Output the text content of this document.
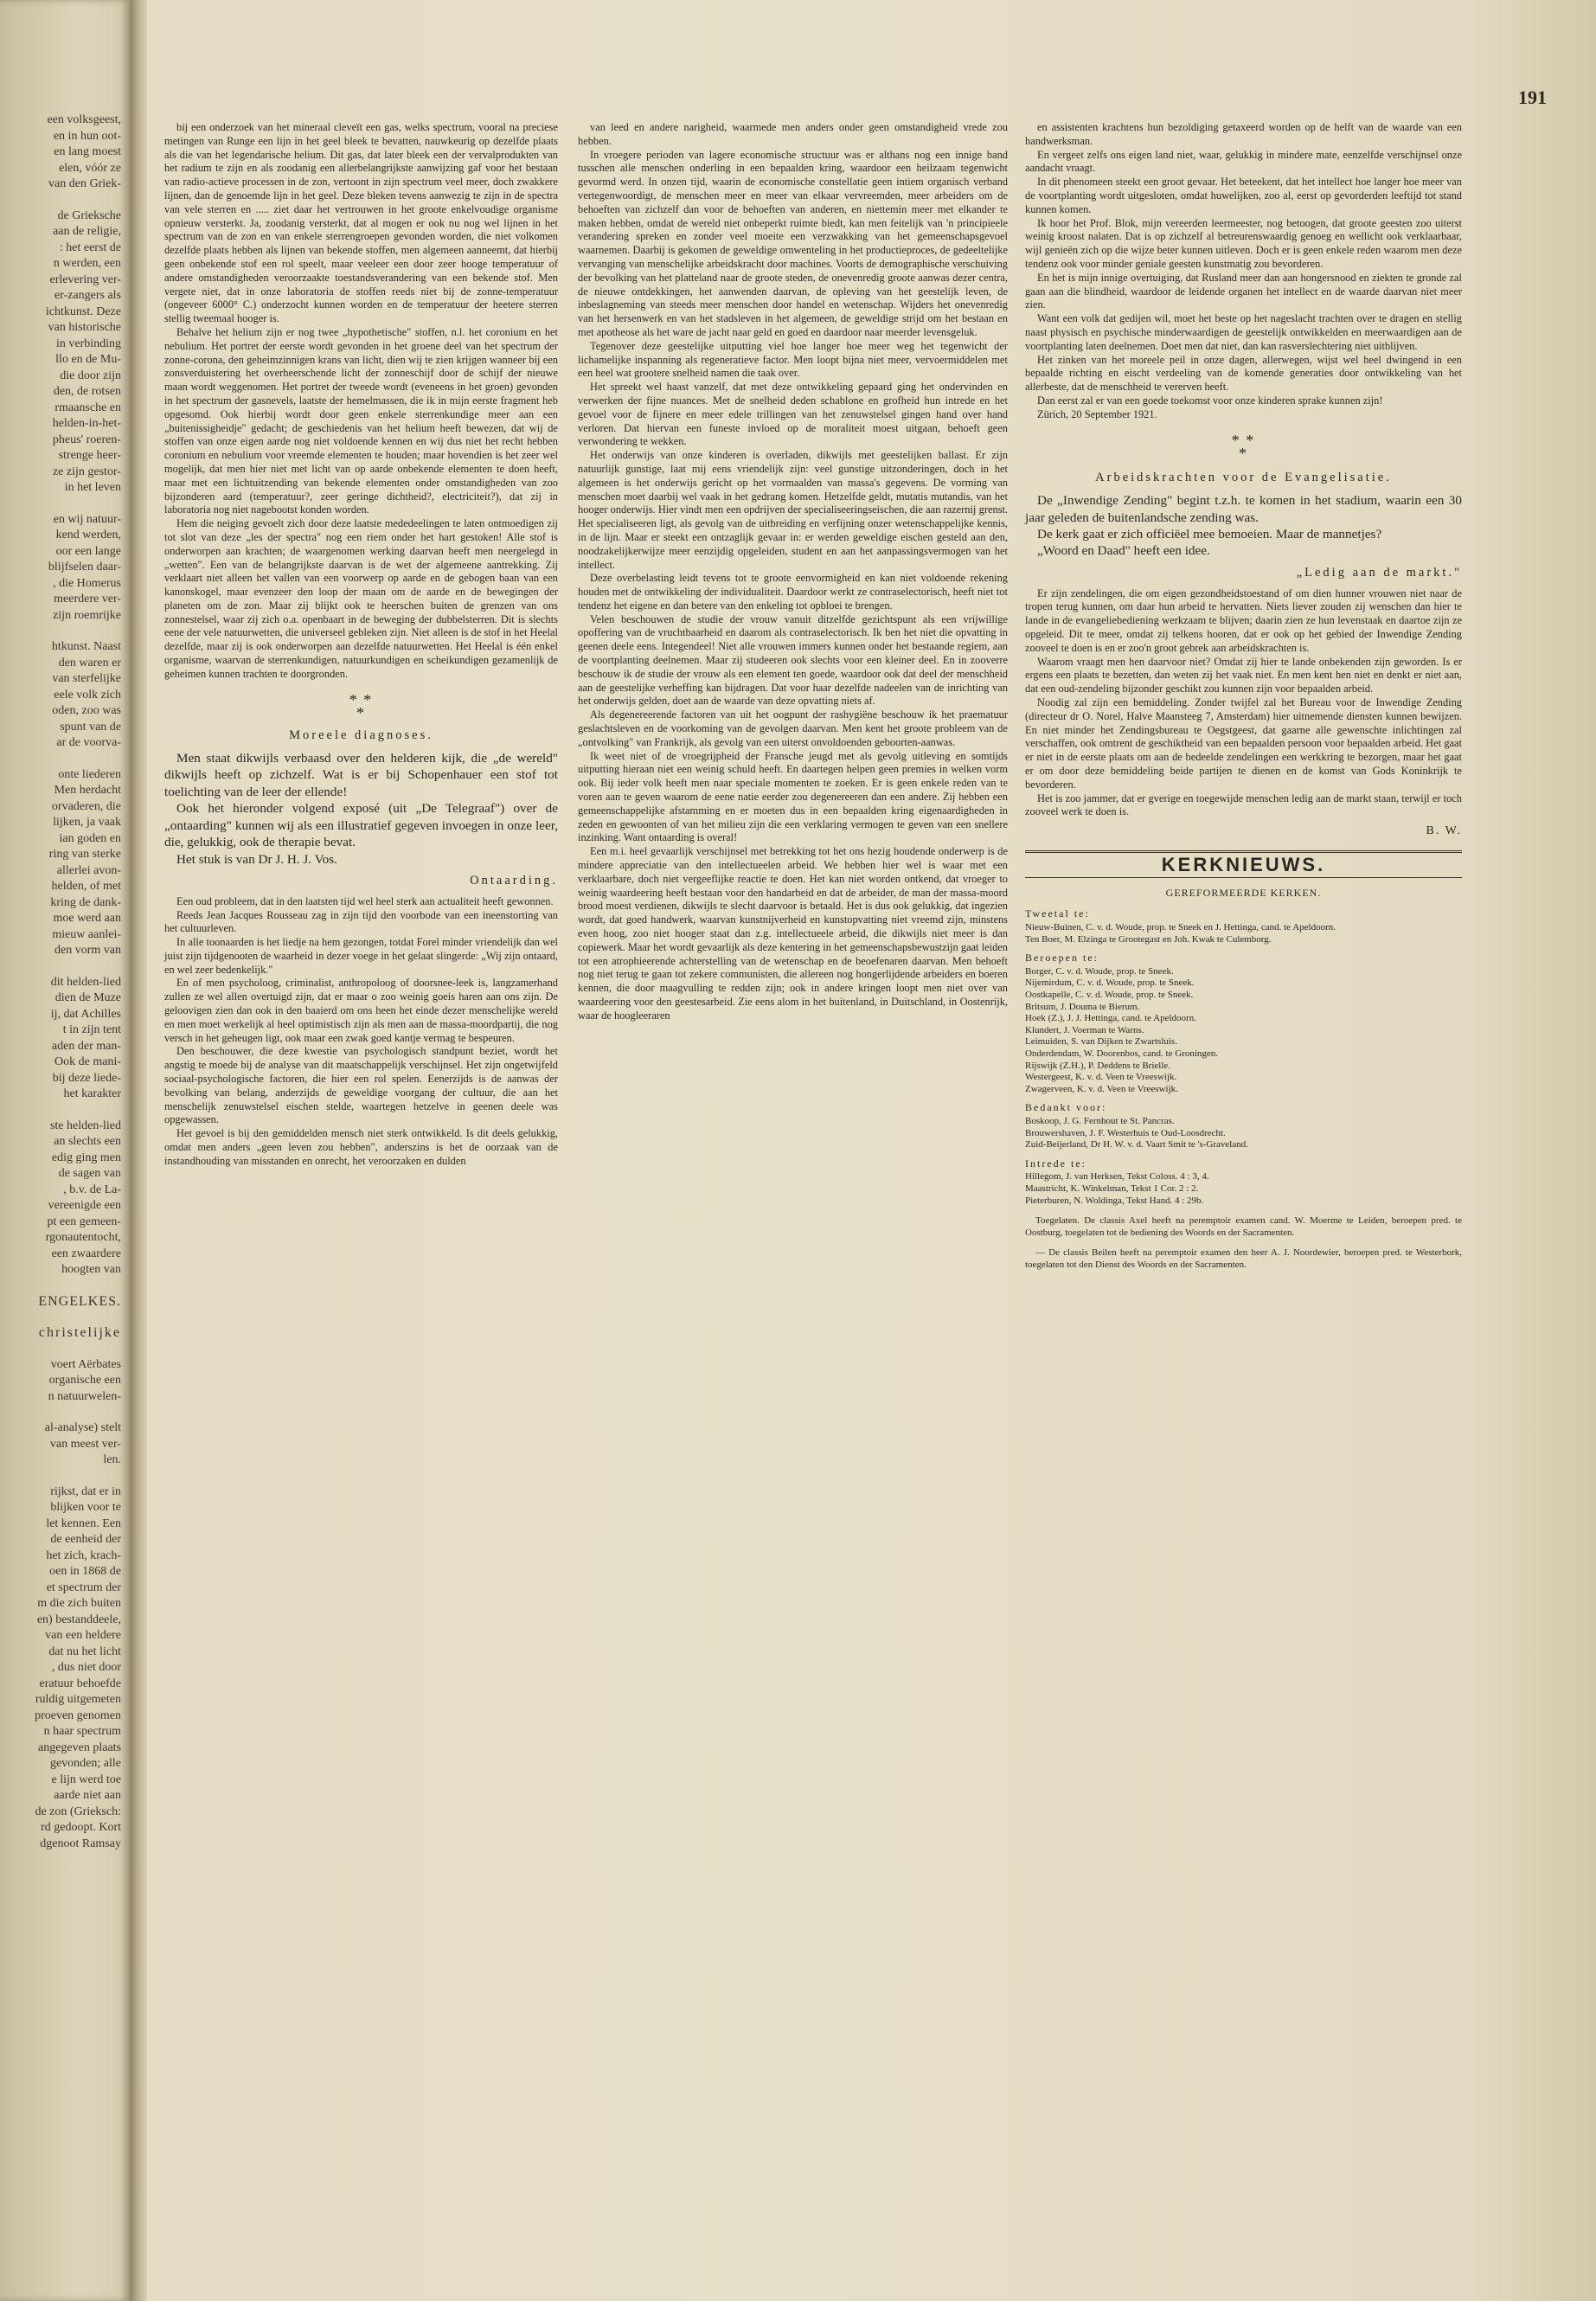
een volksgeest,
en in hun oot-
en lang moest
elen, vóór ze
van den Griek-
de Grieksche
aan de religie,
: het eerst de
n werden, een
erlevering ver-
er-zangers als
ichtkunst. Deze
van historische
in verbinding
llo en de Mu-
die door zijn
den, de rotsen
rmaansche en
helden-in-het-
pheus' roeren-
strenge heer-
ze zijn gestor-
in het leven
en wij natuur-
kend werden,
oor een lange
blijfselen daar-
, die Homerus
meerdere ver-
zijn roemrijke
htkunst. Naast
den waren er
van sterfelijke
eele volk zich
oden, zoo was
spunt van de
ar de voorva-
onte liederen
Men herdacht
orvaderen, die
lijken, ja vaak
ian goden en
ring van sterke
allerlei avon-
helden, of met
kring de dank-
moe werd aan
mieuw aanlei-
den vorm van
dit helden-lied
dien de Muze
ij, dat Achilles
t in zijn tent
aden der man-
Ook de mani-
bij deze liede-
het karakter
ste helden-lied
an slechts een
edig ging men
de sagen van
, b.v. de La-
vereenigde een
pt een gemeen-
rgonautentocht,
een zwaardere
hoogten van
ENGELKES.
christelijke
voert Aërbates
organische een
n natuurwelen-
al-analyse) stelt
van meest ver-
len.
rijkst, dat er in
blijken voor te
let kennen. Een
de eenheid der
het zich, krach-
oen in 1868 de
et spectrum der
m die zich buiten
en) bestanddeele,
van een heldere
dat nu het licht
, dus niet door
eratuur behoefde
ruldig uitgemeten
proeven genomen
n haar spectrum
angegeven plaats
gevonden; alle
e lijn werd toe
aarde niet aan
de zon (Grieksch:
rd gedoopt. Kort
dgenoot Ramsay
191

bij een onderzoek van het mineraal cleveït een gas, welks spectrum, vooral na preciese metingen van Runge een lijn in het geel bleek te bevatten, nauwkeurig op dezelfde plaats als die van het legendarische helium. Dit gas, dat later bleek een der vervalprodukten van het radium te zijn en als zoodanig een allerbelangrijkste aanwijzing gaf voor het bestaan van radio-actieve processen in de zon, vertoont in zijn spectrum veel meer, doch zwakkere lijnen, dan de genoemde lijn in het geel. Deze bleken tevens aanwezig te zijn in de spectra van vele sterren en ..... ziet daar het vertrouwen in het groote enkelvoudige organisme opnieuw versterkt. Ja, zoodanig versterkt, dat al mogen er ook nu nog wel lijnen in het spectrum van de zon en van enkele sterrengroepen gevonden worden, die niet volkomen dezelfde plaats hebben als lijnen van bekende stoffen, men algemeen aanneemt, dat hierbij geen onbekende stof een rol speelt, maar veeleer een door zeer hooge temperatuur of andere omstandigheden veroorzaakte toestandsverandering van een bekende stof. Men vergete niet, dat in onze laboratoria de stoffen reeds niet bij de zonne-temperatuur (ongeveer 6000° C.) onderzocht kunnen worden en de temperatuur der heetere sterren stellig tweemaal hooger is.

Behalve het helium zijn er nog twee „hypothetische" stoffen, n.l. het coronium en het nebulium. Het portret der eerste wordt gevonden in het groene deel van het spectrum der zonne-corona, den geheimzinnigen krans van licht, dien wij te zien krijgen wanneer bij een zonsverduistering het overheerschende licht der zonneschijf door de schijf der nieuwe maan wordt weggenomen. Het portret der tweede wordt (eveneens in het groen) gevonden in het spectrum der gasnevels, laatste der hemelmassen, die ik in mijn eerste fragment heb opgesomd. Ook hierbij wordt door geen enkele sterrenkundige meer aan een „buitenissigheidje" gedacht; de geschiedenis van het helium heeft bewezen, dat wij de stoffen van onze eigen aarde nog niet voldoende kennen en wij dus niet het recht hebben coronium en nebulium voor vreemde elementen te houden; maar hovendien is het zeer wel mogelijk, dat men hier niet met licht van op aarde onbekende elementen te doen heeft, maar met een lichtuitzending van bekende elementen onder omstandigheden van zoo bijzonderen aard (temperatuur?, zeer geringe dichtheid?, electriciteit?), dat zij in laboratoria nog niet nagebootst konden worden.

Hem die neiging gevoelt zich door deze laatste mededeelingen te laten ontmoedigen zij tot slot van deze „les der spectra" nog een riem onder het hart gestoken! Alle stof is onderworpen aan krachten; de waargenomen werking daarvan heeft men neergelegd in „wetten". Een van de belangrijkste daarvan is de wet der algemeene aantrekking. Zij verklaart niet alleen het vallen van een voorwerp op aarde en de gebogen baan van een kanonskogel, maar evenzeer den loop der maan om de aarde en de bewegingen der planeten om de zon. Maar zij blijkt ook te heerschen buiten de grenzen van ons zonnestelsel, waar zij zich o.a. openbaart in de beweging der dubbelsterren. Dit is slechts eene der vele natuurwetten, die universeel gebleken zijn. Niet alleen is de stof in het Heelal dezelfde, maar zij is ook onderworpen aan dezelfde natuurwetten. Het Heelal is één enkel organisme, waarvan de sterrenkundigen, natuurkundigen en scheikundigen gezamenlijk de geheimen kunnen trachten te doorgronden.

* *
*
Moreele diagnoses.

Men staat dikwijls verbaasd over den helderen kijk, die „de wereld" dikwijls heeft op zichzelf. Wat is er bij Schopenhauer een stof tot toelichting van de leer der ellende!

Ook het hieronder volgend exposé (uit „De Telegraaf") over de „ontaarding" kunnen wij als een illustratief gegeven invoegen in onze leer, die, gelukkig, ook de therapie bevat.

Het stuk is van Dr J. H. J. Vos.

Ontaarding.

Een oud probleem, dat in den laatsten tijd wel heel sterk aan actualiteit heeft gewonnen.

Reeds Jean Jacques Rousseau zag in zijn tijd den voorbode van een ineenstorting van het cultuurleven.

In alle toonaarden is het liedje na hem gezongen, totdat Forel minder vriendelijk dan wel juist zijn tijdgenooten de waarheid in dezer voege in het gelaat slingerde: „Wij zijn ontaard, en wel zeer bedenkelijk."

En of men psycholoog, criminalist, anthropoloog of doorsnee-leek is, langzamerhand zullen ze wel allen overtuigd zijn, dat er maar o zoo weinig goeis haren aan ons zijn. De geloovigen zien dan ook in den baaierd om ons heen het einde dezer menschelijke wereld en men moet werkelijk al heel optimistisch zijn als men aan de massa-moordpartij, die nog versch in het geheugen ligt, ook maar een zwak goed kantje vermag te bespeuren.

Den beschouwer, die deze kwestie van psychologisch standpunt beziet, wordt het angstig te moede bij de analyse van dit maatschappelijk verschijnsel. Het zijn ongetwijfeld sociaal-psychologische factoren, die hier een rol spelen. Eenerzijds is de aanwas der bevolking van belang, anderzijds de geweldige voorgang der cultuur, die aan het menschelijk zenuwstelsel eischen stelde, waartegen hetzelve in geenen deele was opgewassen.

Het gevoel is bij den gemiddelden mensch niet sterk ontwikkeld. Is dit deels gelukkig, omdat men anders „geen leven zou hebben", anderszins is het de oorzaak van de instandhouding van misstanden en onrecht, het veroorzaken en dulden

van leed en andere narigheid, waarmede men anders onder geen omstandigheid vrede zou hebben.

In vroegere perioden van lagere economische structuur was er althans nog een innige band tusschen alle menschen onderling in een bepaalden kring, waardoor een heilzaam tegenwicht gevormd werd. In onzen tijd, waarin de economische constellatie geen intiem organisch verband vertegenwoordigt, de menschen meer en meer van elkaar vervreemden, meer arbeiders om de behoeften van zichzelf dan voor de behoeften van anderen, en niettemin meer met elkander te maken hebben, omdat de wereld niet onbeperkt ruimte biedt, kan men feitelijk van 'n principieele verandering spreken en zonder veel moeite een verzwakking van het gemeenschapsgevoel waarnemen. Daarbij is gekomen de geweldige omwenteling in het productieproces, de gedeeltelijke vervanging van menschelijke arbeidskracht door machines. Voorts de demographische verschuiving der bevolking van het platteland naar de groote steden, de onevenredig groote aanwas dezer centra, de nieuwe ontdekkingen, het aanwenden daarvan, de opleving van het geestelijk leven, de inbeslagneming van steeds meer menschen door handel en wetenschap. Wijders het onevenredig van het hersenwerk en van het stadsleven in het algemeen, de geweldige strijd om het bestaan en met apotheose als het ware de jacht naar geld en goed en daardoor naar meerder levensgeluk.

Tegenover deze geestelijke uitputting viel hoe langer hoe meer weg het tegenwicht der lichamelijke inspanning als regeneratieve factor. Men loopt bijna niet meer, vervoermiddelen met een heel wat grootere snelheid namen die taak over.

Het spreekt wel haast vanzelf, dat met deze ontwikkeling gepaard ging het ondervinden en verwerken der fijne nuances. Met de snelheid deden schablone en grofheid hun intrede en het gevoel voor de fijnere en meer edele trillingen van het zenuwstelsel gingen hand over hand verloren. Dat hiervan een funeste invloed op de moraliteit moest uitgaan, behoeft geen verwondering te wekken.

Het onderwijs van onze kinderen is overladen, dikwijls met geestelijken ballast. Er zijn natuurlijk gunstige, laat mij eens vriendelijk zijn: veel gunstige uitzonderingen, doch in het algemeen is het onderwijs gericht op het vormaalden van massa's gegevens. De vorming van menschen moet daarbij wel vaak in het gedrang komen. Hetzelfde geldt, mutatis mutandis, van het hooger onderwijs. Hier vindt men een opdrijven der specialiseeringseischen, die aan razernij grenst. Het specialiseeren ligt, als gevolg van de uitbreiding en verfijning onzer wetenschappelijke kennis, in de lijn. Maar er steekt een ontzaglijk gevaar in: er werden geweldige eischen gesteld aan den, noodzakelijkerwijze meer eenzijdig opgeleiden, student en aan het aanpassingsvermogen van het intellect.

Deze overbelasting leidt tevens tot te groote eenvormigheid en kan niet voldoende rekening houden met de ontwikkeling der individualiteit. Daardoor werkt ze contraselectorisch, heeft niet tot tendenz het eigene en dan betere van den enkeling tot opbloei te brengen.

Velen beschouwen de studie der vrouw vanuit ditzelfde gezichtspunt als een vrijwillige opoffering van de vruchtbaarheid en daarom als contraselectorisch. Ik ben het niet die opvatting in geenen deele eens. Integendeel! Niet alle vrouwen immers kunnen onder het bestaande regiem, aan de voortplanting deelnemen. Maar zij studeeren ook slechts voor een kleiner deel. En in zooverre beschouw ik de studie der vrouw als een element ten goede, waardoor ook dat deel der menschheid aan de geestelijke verheffing kan bijdragen. Dat voor haar dezelfde nadeelen van de inrichting van het onderwijs gelden, doet aan de waarde van deze opvatting niets af.

Als degenereerende factoren van uit het oogpunt der rashygiëne beschouw ik het praematuur geslachtsleven en de voorkoming van de gevolgen daarvan. Men kent het groote probleem van de „ontvolking" van Frankrijk, als gevolg van een uiterst onvoldoenden geboorten-aanwas.

Ik weet niet of de vroegrijpheid der Fransche jeugd met als gevolg uitleving en somtijds uitputting hieraan niet een weinig schuld heeft. En daartegen helpen geen premies in welken vorm ook. Bij ieder volk heeft men naar speciale momenten te zoeken. Er is geen enkele reden van te voren aan te geven waarom de eene natie eerder zou degenereeren dan een andere. Zij hebben een gemeenschappelijke afstamming en er moeten dus in een bepaalden kring eigenaardigheden in zeden en gewoonten of van het milieu zijn die een verklaring vermogen te geven van een snellere inzinking. Want ontaarding is overal!

Een m.i. heel gevaarlijk verschijnsel met betrekking tot het ons hezig houdende onderwerp is de mindere appreciatie van den intellectueelen arbeid. We hebben hier wel is waar met een verklaarbare, doch niet vergeeflijke reactie te doen. Het kan niet worden ontkend, dat vroeger to weinig waardeering heeft bestaan voor den handarbeid en dat de arbeider, de man der massa-moord brood moest verdienen, dikwijls te slecht daarvoor is betaald. Het is dus ook gelukkig, dat ingezien wordt, dat goed handwerk, waarvan kunstnijverheid en kunstopvatting niet vreemd zijn, minstens even hoog, zoo niet hooger staat dan z.g. intellectueele arbeid, die dikwijls niet meer is dan copiewerk. Maar het wordt gevaarlijk als deze kentering in het gemeenschapsbewustzijn gaat leiden tot een atrophieerende achterstelling van de wetenschap en de beoefenaren daarvan. Men behoeft nog niet terug te gaan tot zekere communisten, die allereen nog hongerlijdende arbeiders en boeren kennen, die door maagvulling te redden zijn; ook in andere kringen loopt men niet over van waardeering voor den geestesarbeid. Zie eens alom in het buitenland, in Duitschland, in Oostenrijk, waar de hoogleeraren

en assistenten krachtens hun bezoldiging getaxeerd worden op de helft van de waarde van een handwerksman.

En vergeet zelfs ons eigen land niet, waar, gelukkig in mindere mate, eenzelfde verschijnsel onze aandacht vraagt.

In dit phenomeen steekt een groot gevaar. Het beteekent, dat het intellect hoe langer hoe meer van de voortplanting wordt uitgesloten, omdat huwelijken, zoo al, eerst op gevorderden leeftijd tot stand kunnen komen.

Ik hoor het Prof. Blok, mijn vereerden leermeester, nog betoogen, dat groote geesten zoo uiterst weinig kroost nalaten. Dat is op zichzelf al betreurenswaardig genoeg en wellicht ook verklaarbaar, wijl genieën zich op die wijze beter kunnen uitleven. Doch er is geen enkele reden waarom men deze tendenz ook voor minder geniale geesten kunstmatig zou bevorderen.

En het is mijn innige overtuiging, dat Rusland meer dan aan hongersnood en ziekten te gronde zal gaan aan die blindheid, waardoor de leidende organen het intellect en de waarde daarvan niet meer zien.

Want een volk dat gedijen wil, moet het beste op het nageslacht trachten over te dragen en stellig naast physisch en psychische minderwaardigen de geestelijk ontwikkelden en meerwaardigen aan de voortplanting laten deelnemen. Doet men dat niet, dan kan rasverslechtering niet uitblijven.

Het zinken van het moreele peil in onze dagen, allerwegen, wijst wel heel dwingend in een bepaalde richting en eischt verdeeling van de komende generaties door ontwikkeling van het allerbeste, dat de menschheid te vererven heeft.

Dan eerst zal er van een goede toekomst voor onze kinderen sprake kunnen zijn!

Zürich, 20 September 1921.

* *
*
Arbeidskrachten voor de Evangelisatie.

De „Inwendige Zending" begint t.z.h. te komen in het stadium, waarin een 30 jaar geleden de buitenlandsche zending was.

De kerk gaat er zich officiëel mee bemoeien. Maar de mannetjes?

„Woord en Daad" heeft een idee.

„Ledig aan de markt."

Er zijn zendelingen, die om eigen gezondheidstoestand of om dien hunner vrouwen niet naar de tropen terug kunnen, om daar hun arbeid te hervatten. Niets liever zouden zij wenschen dan hier te lande in de evangeliebediening werkzaam te blijven; daarin zien ze hun levenstaak en daartoe zijn ze opgeleid. Dit te meer, omdat zij telkens hooren, dat er ook op het gebied der Inwendige Zending zooveel te doen is en er zoo'n groot gebrek aan arbeidskrachten is.

Waarom vraagt men hen daarvoor niet? Omdat zij hier te lande onbekenden zijn geworden. Is er ergens een plaats te bezetten, dan weten zij het vaak niet. En men kent hen niet en denkt er niet aan, dat een oud-zendeling bijzonder geschikt zou kunnen zijn voor bepaalden arbeid.

Noodig zal zijn een bemiddeling. Zonder twijfel zal het Bureau voor de Inwendige Zending (directeur dr O. Norel, Halve Maansteeg 7, Amsterdam) hier uitnemende diensten kunnen bewijzen. En niet minder het Zendingsbureau te Oegstgeest, dat gaarne alle gewenschte inlichtingen zal verschaffen, ook omtrent de geschiktheid van een bepaalden persoon voor bepaalden arbeid. Het gaat er niet in de eerste plaats om aan de bedeelde zendelingen een werkkring te bezorgen, maar het gaat er om door deze bemiddeling beide partijen te dienen en de komst van Gods Koninkrijk te bevorderen.

Het is zoo jammer, dat er gverige en toegewijde menschen ledig aan de markt staan, terwijl er toch zooveel werk te doen is.

B. W.
KERKNIEUWS.
GEREFORMEERDE KERKEN.
Tweetal te:

Nieuw-Buinen, C. v. d. Woude, prop. te Sneek en J. Hettinga, cand. te Apeldoorn.

Ten Boer, M. Elzinga te Grootegast en Joh. Kwak te Culemborg.

Beroepen te:

Borger, C. v. d. Woude, prop. te Sneek.

Nijemirdum, C. v. d. Woude, prop. te Sneek.

Oostkapelle, C. v. d. Woude, prop. te Sneek.

Britsum, J. Douma te Bierum.

Hoek (Z.), J. J. Hettinga, cand. te Apeldoorn.

Klundert, J. Voerman te Warns.

Leimuiden, S. van Dijken te Zwartsluis.

Onderdendam, W. Doorenbos, cand. te Groningen.

Rijswijk (Z.H.), P. Deddens te Brielle.

Westergeest, K. v. d. Veen te Vreeswijk.

Zwagerveen, K. v. d. Veen te Vreeswijk.

Bedankt voor:

Boskoop, J. G. Fernhout te St. Pancras.

Brouwershaven, J. F. Westerhuis te Oud-Loosdrecht.

Zuid-Beijerland, Dr H. W. v. d. Vaart Smit te 's-Graveland.

Intrede te:

Hillegom, J. van Herksen, Tekst Coloss. 4 : 3, 4.

Maastricht, K. Winkelman, Tekst 1 Cor. 2 : 2.

Pieterburen, N. Woldinga, Tekst Hand. 4 : 29b.

Toegelaten. De classis Axel heeft na peremptoir examen cand. W. Moerme te Leiden, beroepen pred. te Oostburg, toegelaten tot de bediening des Woords en der Sacramenten.

— De classis Beilen heeft na peremptoir examen den heer A. J. Noordewier, beroepen pred. te Westerbork, toegelaten tot den Dienst des Woords en der Sacramenten.
